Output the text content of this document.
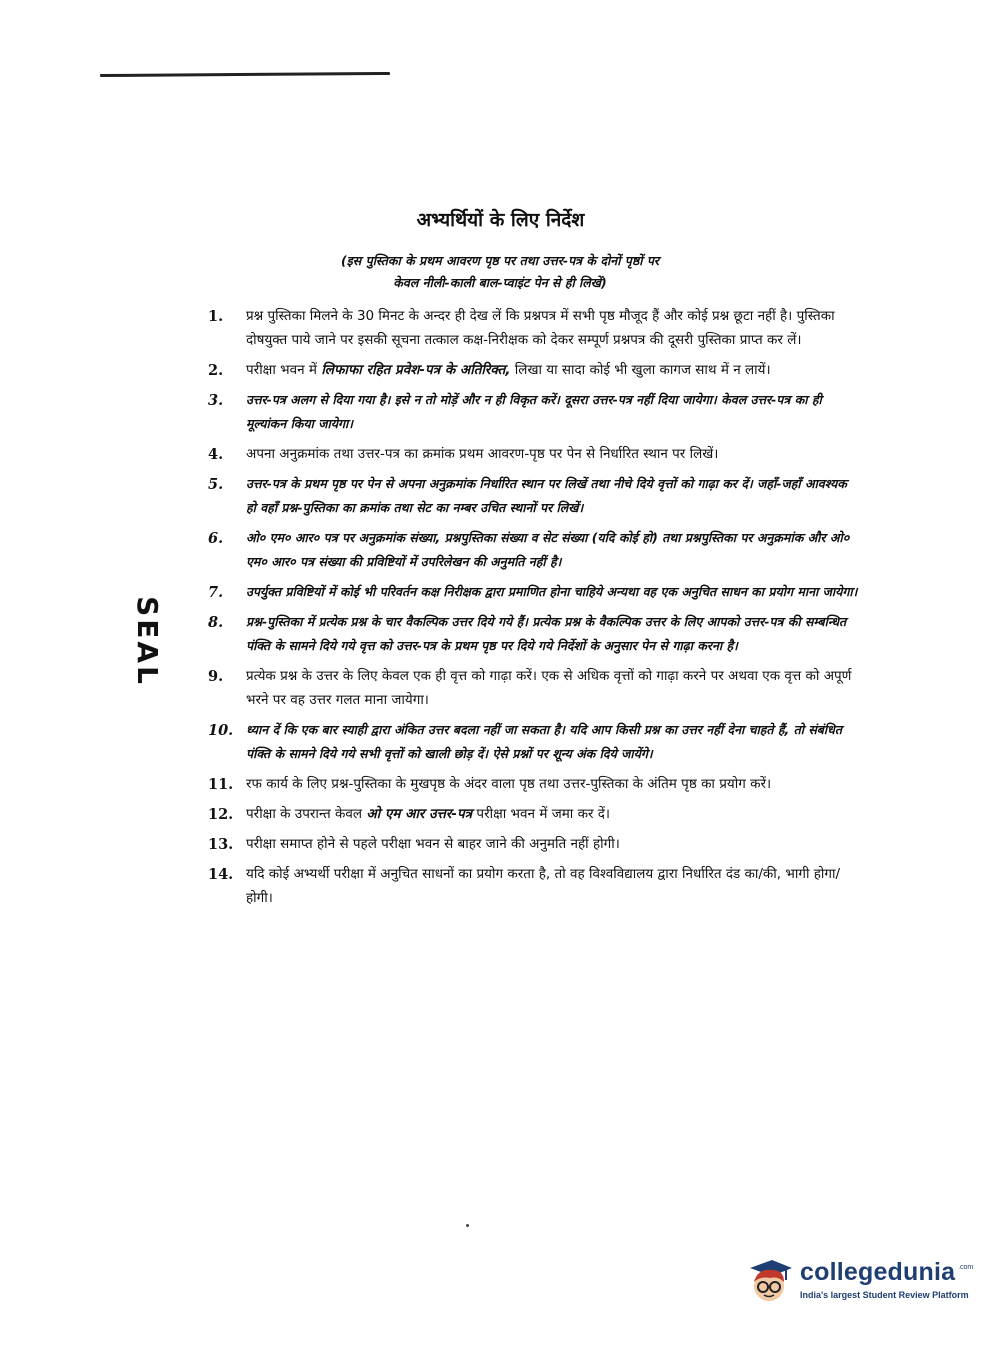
SEAL
अभ्यर्थियों के लिए निर्देश
(इस पुस्तिका के प्रथम आवरण पृष्ठ पर तथा उत्तर-पत्र के दोनों पृष्ठों पर
केवल नीली-काली बाल-प्वाइंट पेन से ही लिखें)
1. प्रश्न पुस्तिका मिलने के 30 मिनट के अन्दर ही देख लें कि प्रश्नपत्र में सभी पृष्ठ मौजूद हैं और कोई प्रश्न छूटा नहीं है। पुस्तिका दोषयुक्त पाये जाने पर इसकी सूचना तत्काल कक्ष-निरीक्षक को देकर सम्पूर्ण प्रश्नपत्र की दूसरी पुस्तिका प्राप्त कर लें।
2. परीक्षा भवन में लिफाफा रहित प्रवेश-पत्र के अतिरिक्त, लिखा या सादा कोई भी खुला कागज साथ में न लायें।
3. उत्तर-पत्र अलग से दिया गया है। इसे न तो मोड़ें और न ही विकृत करें। दूसरा उत्तर-पत्र नहीं दिया जायेगा। केवल उत्तर-पत्र का ही मूल्यांकन किया जायेगा।
4. अपना अनुक्रमांक तथा उत्तर-पत्र का क्रमांक प्रथम आवरण-पृष्ठ पर पेन से निर्धारित स्थान पर लिखें।
5. उत्तर-पत्र के प्रथम पृष्ठ पर पेन से अपना अनुक्रमांक निर्धारित स्थान पर लिखें तथा नीचे दिये वृत्तों को गाढ़ा कर दें। जहाँ-जहाँ आवश्यक हो वहाँ प्रश्न-पुस्तिका का क्रमांक तथा सेट का नम्बर उचित स्थानों पर लिखें।
6. ओ० एम० आर० पत्र पर अनुक्रमांक संख्या, प्रश्नपुस्तिका संख्या व सेट संख्या (यदि कोई हो) तथा प्रश्नपुस्तिका पर अनुक्रमांक और ओ० एम० आर० पत्र संख्या की प्रविष्टियों में उपरिलेखन की अनुमति नहीं है।
7. उपर्युक्त प्रविष्टियों में कोई भी परिवर्तन कक्ष निरीक्षक द्वारा प्रमाणित होना चाहिये अन्यथा वह एक अनुचित साधन का प्रयोग माना जायेगा।
8. प्रश्न-पुस्तिका में प्रत्येक प्रश्न के चार वैकल्पिक उत्तर दिये गये हैं। प्रत्येक प्रश्न के वैकल्पिक उत्तर के लिए आपको उत्तर-पत्र की सम्बन्धित पंक्ति के सामने दिये गये वृत्त को उत्तर-पत्र के प्रथम पृष्ठ पर दिये गये निर्देशों के अनुसार पेन से गाढ़ा करना है।
9. प्रत्येक प्रश्न के उत्तर के लिए केवल एक ही वृत्त को गाढ़ा करें। एक से अधिक वृत्तों को गाढ़ा करने पर अथवा एक वृत्त को अपूर्ण भरने पर वह उत्तर गलत माना जायेगा।
10. ध्यान दें कि एक बार स्याही द्वारा अंकित उत्तर बदला नहीं जा सकता है। यदि आप किसी प्रश्न का उत्तर नहीं देना चाहते हैं, तो संबंधित पंक्ति के सामने दिये गये सभी वृत्तों को खाली छोड़ दें। ऐसे प्रश्नों पर शून्य अंक दिये जायेंगे।
11. रफ कार्य के लिए प्रश्न-पुस्तिका के मुखपृष्ठ के अंदर वाला पृष्ठ तथा उत्तर-पुस्तिका के अंतिम पृष्ठ का प्रयोग करें।
12. परीक्षा के उपरान्त केवल ओ एम आर उत्तर-पत्र परीक्षा भवन में जमा कर दें।
13. परीक्षा समाप्त होने से पहले परीक्षा भवन से बाहर जाने की अनुमति नहीं होगी।
14. यदि कोई अभ्यर्थी परीक्षा में अनुचित साधनों का प्रयोग करता है, तो वह विश्वविद्यालय द्वारा निर्धारित दंड का/की, भागी होगा/होगी।
collegedunia .com
India's largest Student Review Platform
